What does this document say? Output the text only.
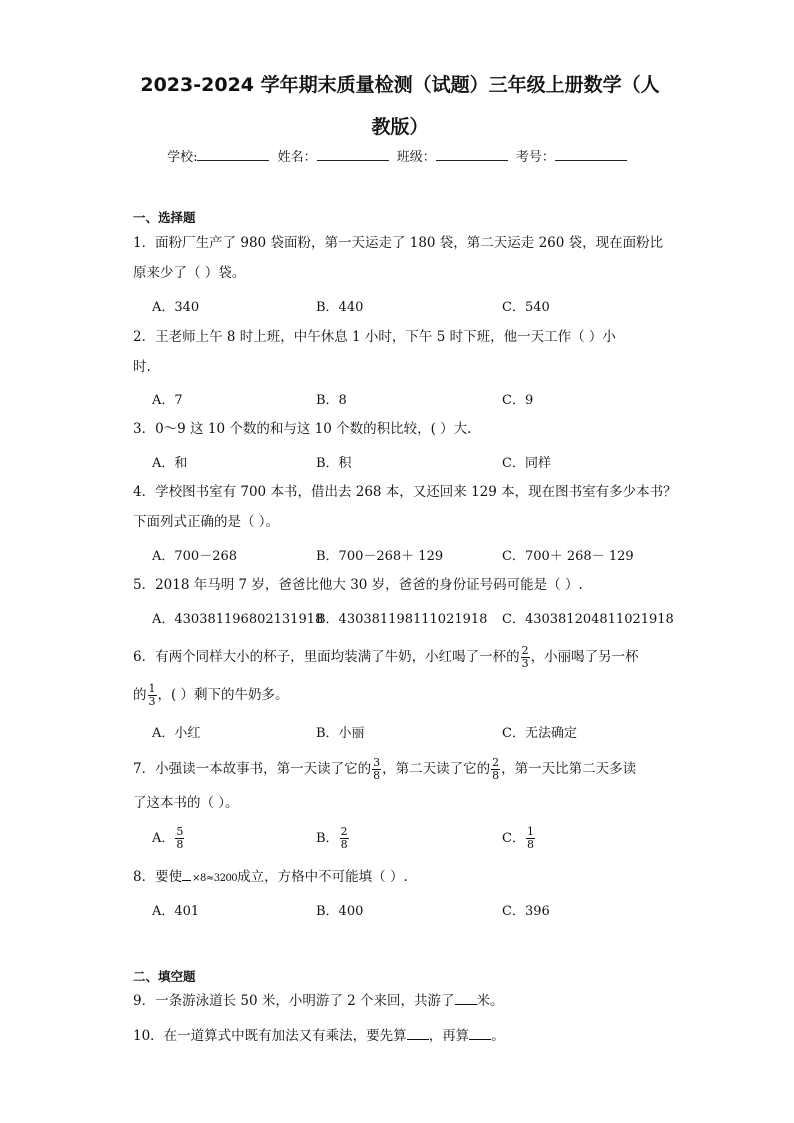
2023-2024 学年期末质量检测（试题）三年级上册数学（人
教版）
学校:	姓名：	班级：	考号：
一、选择题
1．面粉厂生产了 980 袋面粉，第一天运走了 180 袋，第二天运走 260 袋，现在面粉比
原来少了（ ）袋。
A．340	B．440	C．540
2．王老师上午 8 时上班，中午休息 1 小时，下午 5 时下班，他一天工作（ ）小
时.
A．7	B．8	C．9
3．0～9 这 10 个数的和与这 10 个数的积比较，( ）大.
A．和	B．积	C．同样
4．学校图书室有 700 本书，借出去 268 本，又还回来 129 本，现在图书室有多少本书？
下面列式正确的是（ ）。
A．700－268	B．700－268＋ 129	C．700＋ 268－ 129
5．2018 年马明 7 岁，爸爸比他大 30 岁，爸爸的身份证号码可能是（ ）.
A．430381196802131918
B．430381198111021918 C．430381204811021918
6．有两个同样大小的杯子，里面均装满了牛奶，小红喝了一杯的 $\frac{2}{3}$ ，小丽喝了另一杯
的 $\frac{1}{3}$ ，( ）剩下的牛奶多。
A．小红	B．小丽	C．无法确定
7．小强读一本故事书，第一天读了它的 $\frac{3}{8}$ ，第二天读了它的 $\frac{2}{8}$ ，第一天比第二天多读
了这本书的（ ）。
A． $\frac{5}{8}$	B． $\frac{2}{8}$	C． $\frac{1}{8}$
8．要使 ×8≈3200成立，方格中不可能填（ ）.
A．401	B．400	C．396
二、填空题
9．一条游泳道长 50 米，小明游了 2 个来回，共游了 米。
10．在一道算式中既有加法又有乘法，要先算 ，再算 。
